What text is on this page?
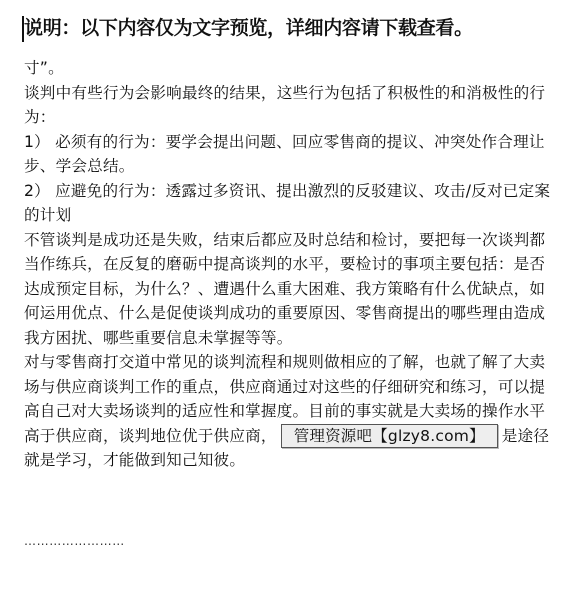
说明：以下内容仅为文字预览，详细内容请下载查看。

寸”。

谈判中有些行为会影响最终的结果，这些行为包括了积极性的和消极性的行为：

1） 必须有的行为：要学会提出问题、回应零售商的提议、冲突处作合理让步、学会总结。

2） 应避免的行为：透露过多资讯、提出激烈的反驳建议、攻击/反对已定案的计划

不管谈判是成功还是失败，结束后都应及时总结和检讨，要把每一次谈判都当作练兵，在反复的磨砺中提高谈判的水平，要检讨的事项主要包括：是否达成预定目标，为什么？、遭遇什么重大困难、我方策略有什么优缺点，如何运用优点、什么是促使谈判成功的重要原因、零售商提出的哪些理由造成我方困扰、哪些重要信息未掌握等等。

对与零售商打交道中常见的谈判流程和规则做相应的了解，也就了解了大卖场与供应商谈判工作的重点，供应商通过对这些的仔细研究和练习，可以提高自己对大卖场谈判的适应性和掌握度。目前的事实就是大卖场的操作水平高于供应商，谈判地位优于供应商， 管理资源吧【glzy8.com】 是途径就是学习，才能做到知己知彼。

……………………
